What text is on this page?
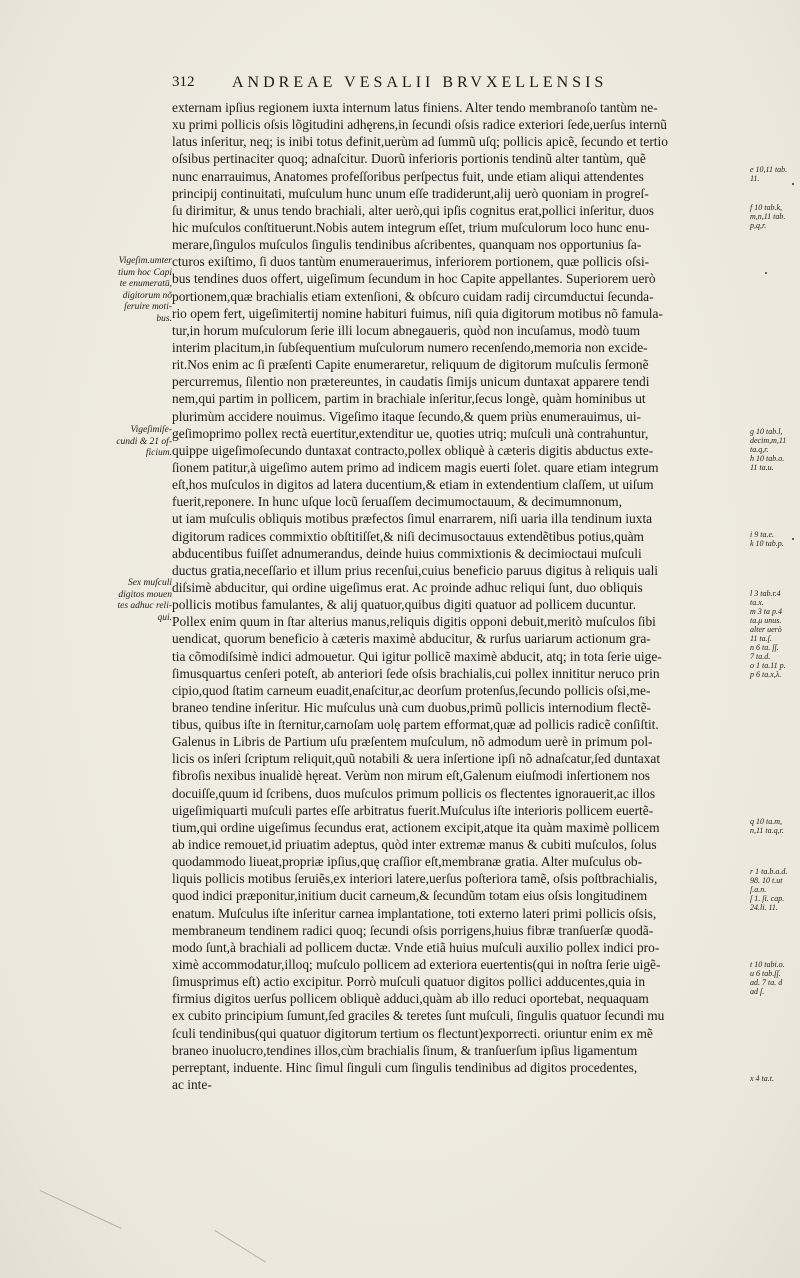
312 ANDREAE VESALII BRVXELLENSIS
externam ipſius regionem iuxta internum latus finiens. Alter tendo membranoſo tantùm ne-
xu primi pollicis oſsis lõgitudini adhęrens,in ſecundi oſsis radice exteriori ſede,uerſus internũ
latus inſeritur, neq; is inibi totus definit,uerùm ad ſummũ uſq; pollicis apicẽ, ſecundo et tertio
oſsibus pertinaciter quoq; adnaſcitur. Duorũ inferioris portionis tendinũ alter tantùm, quẽ
nunc enarrauimus, Anatomes profeſſoribus perſpectus fuit, unde etiam aliqui attendentes
principij continuitati, muſculum hunc unum eſſe tradiderunt,alij uerò quoniam in progreſ-
ſu dirimitur, & unus tendo brachiali, alter uerò,qui ipſis cognitus erat,pollici inſeritur, duos
hic muſculos conſtituerunt.Nobis autem integrum eſſet, trium muſculorum loco hunc enu-
merare,ſingulos muſculos ſingulis tendinibus aſcribentes, quanquam nos opportunius ſa-
cturos exiſtimo, ſi duos tantùm enumerauerimus, inferiorem portionem, quæ pollicis oſsi-
bus tendines duos offert, uigeſimum ſecundum in hoc Capite appellantes. Superiorem uerò
portionem,quæ brachialis etiam extenſioni, & obſcuro cuidam radij circumductui ſecunda-
rio opem fert, uigeſimitertij nomine habituri fuimus, niſi quia digitorum motibus nõ famula-
tur,in horum muſculorum ſerie illi locum abnegaueris, quòd non incuſamus, modò tuum
interim placitum,in ſubſequentium muſculorum numero recenſendo,memoria non excide-
rit.Nos enim ac ſi præſenti Capite enumeraretur, reliquum de digitorum muſculis ſermonẽ
percurremus, ſilentio non prætereuntes, in caudatis ſimijs unicum duntaxat apparere tendi
nem,qui partim in pollicem, partim in brachiale inſeritur,ſecus longè, quàm hominibus ut
plurimùm accidere nouimus. Vigeſimo itaque ſecundo,& quem priùs enumerauimus, ui-
geſimoprimo pollex rectà euertitur,extenditur ue, quoties utriq; muſculi unà contrahuntur,
quippe uigeſimoſecundo duntaxat contracto,pollex obliquè à cæteris digitis abductus exte-
ſionem patitur,à uigeſimo autem primo ad indicem magis euerti ſolet. quare etiam integrum
eſt,hos muſculos in digitos ad latera ducentium,& etiam in extendentium claſſem, ut uiſum
fuerit,reponere. In hunc uſque locũ ſeruaſſem decimumoctauum, & decimumnonum,
ut iam muſculis obliquis motibus præfectos ſimul enarrarem, niſi uaria illa tendinum iuxta
digitorum radices commixtio obſtitiſſet,& niſi decimusoctauus extendẽtibus potius,quàm
abducentibus fuiſſet adnumerandus, deinde huius commixtionis & decimioctaui muſculi
ductus gratia,neceſſario et illum prius recenſui,cuius beneficio paruus digitus à reliquis uali
diſsimè abducitur, qui ordine uigeſimus erat. Ac proinde adhuc reliqui ſunt, duo obliquis
pollicis motibus famulantes, & alij quatuor,quibus digiti quatuor ad pollicem ducuntur.
Pollex enim quum in ſtar alterius manus,reliquis digitis opponi debuit,meritò muſculos ſibi
uendicat, quorum beneficio à cæteris maximè abducitur, & rurſus uariarum actionum gra-
tia cõmodiſsimè indici admouetur. Qui igitur pollicẽ maximè abducit, atq; in tota ſerie uige-
ſimusquartus cenſeri poteſt, ab anteriori ſede oſsis brachialis,cui pollex innititur neruco prin
cipio,quod ſtatim carneum euadit,enaſcitur,ac deorſum protenſus,ſecundo pollicis oſsi,me-
braneo tendine inſeritur. Hic muſculus unà cum duobus,primũ pollicis internodium flectẽ-
tibus, quibus iſte in ſternitur,carnoſam uolę partem efformat,quæ ad pollicis radicẽ conſiſtit.
Galenus in Libris de Partium uſu præſentem muſculum, nõ admodum uerè in primum pol-
licis os inſeri ſcriptum reliquit,quũ notabili & uera inſertione ipſi nõ adnaſcatur,ſed duntaxat
fibroſis nexibus inualidè hęreat. Verùm non mirum eſt,Galenum eiuſmodi inſertionem nos
docuiſſe,quum id ſcribens, duos muſculos primum pollicis os flectentes ignorauerit,ac illos
uigeſimiquarti muſculi partes eſſe arbitratus fuerit.Muſculus iſte interioris pollicem euertẽ-
tium,qui ordine uigeſimus ſecundus erat, actionem excipit,atque ita quàm maximè pollicem
ab indice remouet,id priuatim adeptus, quòd inter extremæ manus & cubiti muſculos, ſolus
quodammodo liueat,propriæ ipſius,quę craſſior eſt,membranæ gratia. Alter muſculus ob-
liquis pollicis motibus ſeruiẽs,ex interiori latere,uerſus poſteriora tamẽ, oſsis poſtbrachialis,
quod indici præponitur,initium ducit carneum,& ſecundũm totam eius oſsis longitudinem
enatum. Muſculus iſte inſeritur carnea implantatione, toti externo lateri primi pollicis oſsis,
membraneum tendinem radici quoq; ſecundi oſsis porrigens,huius fibræ tranſuerſæ quodã-
modo ſunt,à brachiali ad pollicem ductæ. Vnde etiã huius muſculi auxilio pollex indici pro-
ximè accommodatur,illoq; muſculo pollicem ad exteriora euertentis(qui in noſtra ſerie uigẽ-
ſimusprimus eſt) actio excipitur. Porrò muſculi quatuor digitos pollici adducentes,quia in
firmius digitos uerſus pollicem obliquè adduci,quàm ab illo reduci oportebat, nequaquam
ex cubito principium ſumunt,ſed graciles & teretes ſunt muſculi, ſingulis quatuor ſecundi mu
ſculi tendinibus(qui quatuor digitorum tertium os flectunt)exporrecti. oriuntur enim ex mẽ
braneo inuolucro,tendines illos,cùm brachialis ſinum, & tranſuerſum ipſius ligamentum
perreptant, induente. Hinc ſimul ſinguli cum ſingulis tendinibus ad digitos procedentes,
ac inte-
Vigeſim.umter
tium hoc Capi
te enumeratū,
digitorum nõ
ſeruire moti-
bus.
Vigeſimiſe-
cundi & 21 of-
ficium.
Sex muſculi
digitos mouen
tes adhuc reli-
qui.
e 10,11 tab.
11.
f 10 tab.k,
m,n,11 tab.
p,q,r.
g 10 tab.l,
decim,m,11
ta.q,r.
h 10 tab.o.
11 ta.u.
i 9 ta.e.
k 10 tab.p.
l 3 tab.r.4
ta.x.
m 3 ta p.4
ta.μ unus.
alter uerò
11 ta.ſ.
n 6 ta. ſſ.
7 ta.d.
o 1 ta.11 p.
p 6 ta.x,λ.
q 10 ta.m,
n,11 ta.q,r.
r 1 ta.b.a.d.
98. 10 t.ut
ſ.a.n.
ſ 1. ſi. cap.
24.li. 11.
t 10 tabi.o.
u 6 tab.ſſ.
ad. 7 ta. d
ad ſ.
x 4 ta.t.
